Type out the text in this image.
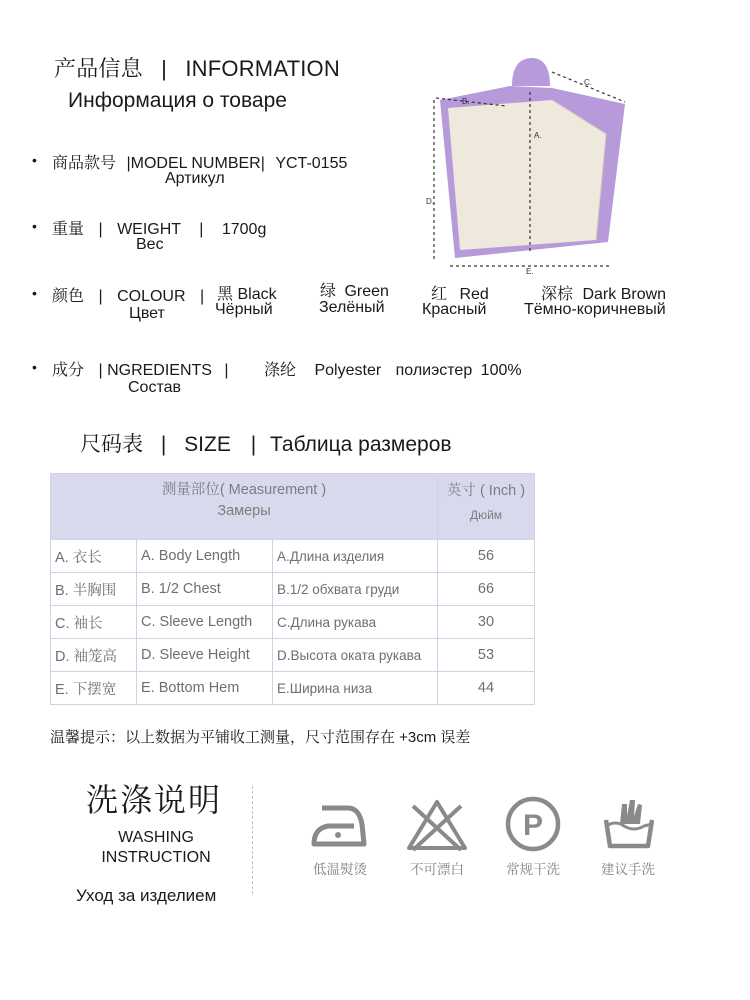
产品信息 | INFORMATION
Информация о товаре
• 商品款号 |MODEL NUMBER| YCT-0155
Артикул
• 重量 | WEIGHT | 1700g
Вес
• 颜色 | COLOUR |
Цвет
黑 Black
Чёрный
绿 Green
Зелёный
红 Red
Красный
深棕 Dark Brown
Тёмно-коричневый
• 成分 | NGREDIENTS |
Состав
涤纶 Polyester полиэстер 100%
A.
B.
C.
D.
E.
尺码表 | SIZE | Таблица размеров
测量部位( Measurement )
Замеры			英寸 ( Inch )
Дюйм

A. 衣长	A. Body Length	A.Длина изделия	56
B. 半胸围	B. 1/2 Chest	B.1/2 обхвата груди	66
C. 袖长	C. Sleeve Length	C.Длина рукава	30
D. 袖笼高	D. Sleeve Height	D.Высота оката рукава	53
E. 下摆宽	E. Bottom Hem	E.Ширина низа	44
温馨提示：以上数据为平铺收工测量，尺寸范围存在 +3cm 误差
洗涤说明
WASHING
INSTRUCTION
Уход за изделием
低温熨烫	不可漂白
P
常规干洗	建议手洗
